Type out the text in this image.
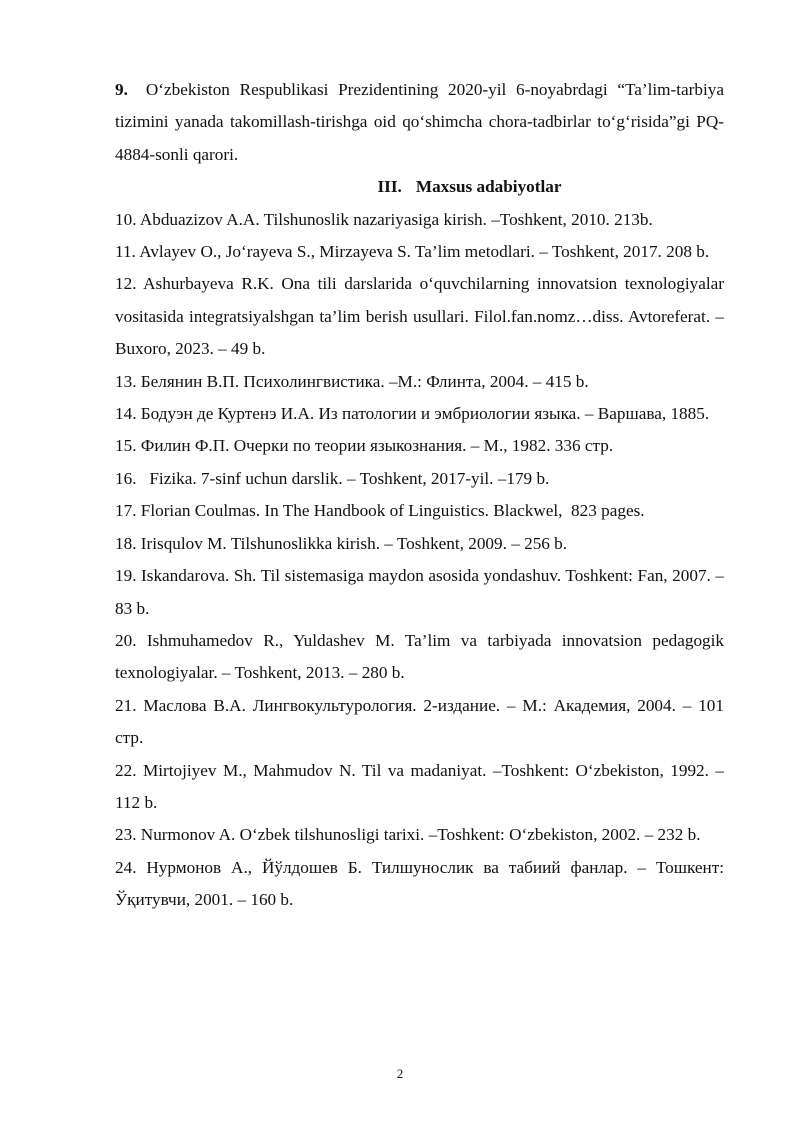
9. O‘zbekiston Respublikasi Prezidentining 2020-yil 6-noyabrdagi “Ta’lim-tarbiya tizimini yanada takomillash-tirishga oid qo‘shimcha chora-tadbirlar to‘g‘risida”gi PQ-4884-sonli qarori.

III. Maxsus adabiyotlar

10. Abduazizov A.A. Tilshunoslik nazariyasiga kirish. –Toshkent, 2010. 213b.

11. Avlayev O., Jo‘rayeva S., Mirzayeva S. Ta’lim metodlari. – Toshkent, 2017. 208 b.

12. Ashurbayeva R.K. Ona tili darslarida o‘quvchilarning innovatsion texnologiyalar vositasida integratsiyalshgan ta’lim berish usullari. Filol.fan.nomz…diss. Avtoreferat. – Buxoro, 2023. – 49 b.

13. Белянин В.П. Психолингвистика. –М.: Флинта, 2004. – 415 b.

14. Бодуэн де Куртенэ И.А. Из патологии и эмбриологии языка. – Варшава, 1885.

15. Филин Ф.П. Очерки по теории языкознания. – М., 1982. 336 стр.

16.   Fizika. 7-sinf uchun darslik. – Toshkent, 2017-yil. –179 b.

17. Florian Coulmas. In The Handbook of Linguistics. Blackwel,  823 pages.

18. Irisqulov M. Tilshunoslikka kirish. – Toshkent, 2009. – 256 b.

19. Iskandarova. Sh. Til sistemasiga maydon asosida yondashuv. Toshkent: Fan, 2007. – 83 b.

20. Ishmuhamedov R., Yuldashev M. Ta’lim va tarbiyada innovatsion pedagogik texnologiyalar. – Toshkent, 2013. – 280 b.

21. Маслова В.А. Лингвокультурология. 2-издание. – М.: Академия, 2004. – 101 стр.

22. Mirtojiyev M., Mahmudov N. Til va madaniyat. –Toshkent: O‘zbekiston, 1992. – 112 b.

23. Nurmonov A. O‘zbek tilshunosligi tarixi. –Toshkent: O‘zbekiston, 2002. – 232 b.

24. Нурмонов А., Йўлдошев Б. Тилшунослик ва табиий фанлар. – Тошкент: Ўқитувчи, 2001. – 160 b.

2
